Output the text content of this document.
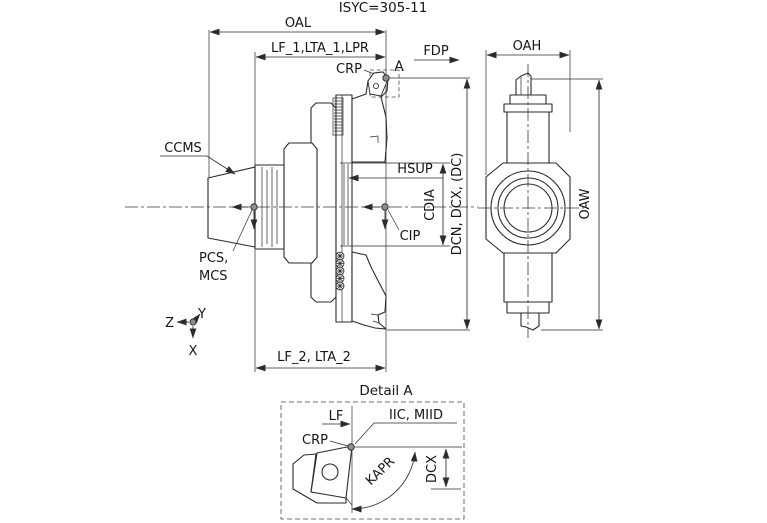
ISYC=305-11
OAL
LF_1,LTA_1,LPR	FDP
CRP A
CCMS
HSUP
CDIA DCN, DCX, (DC)
CIP
PCS,
MCS
LF_2, LTA_2
Z
Y
X
OAH
OAW
Detail A
LF	IIC, MIID
CRP
KAPR DCX
